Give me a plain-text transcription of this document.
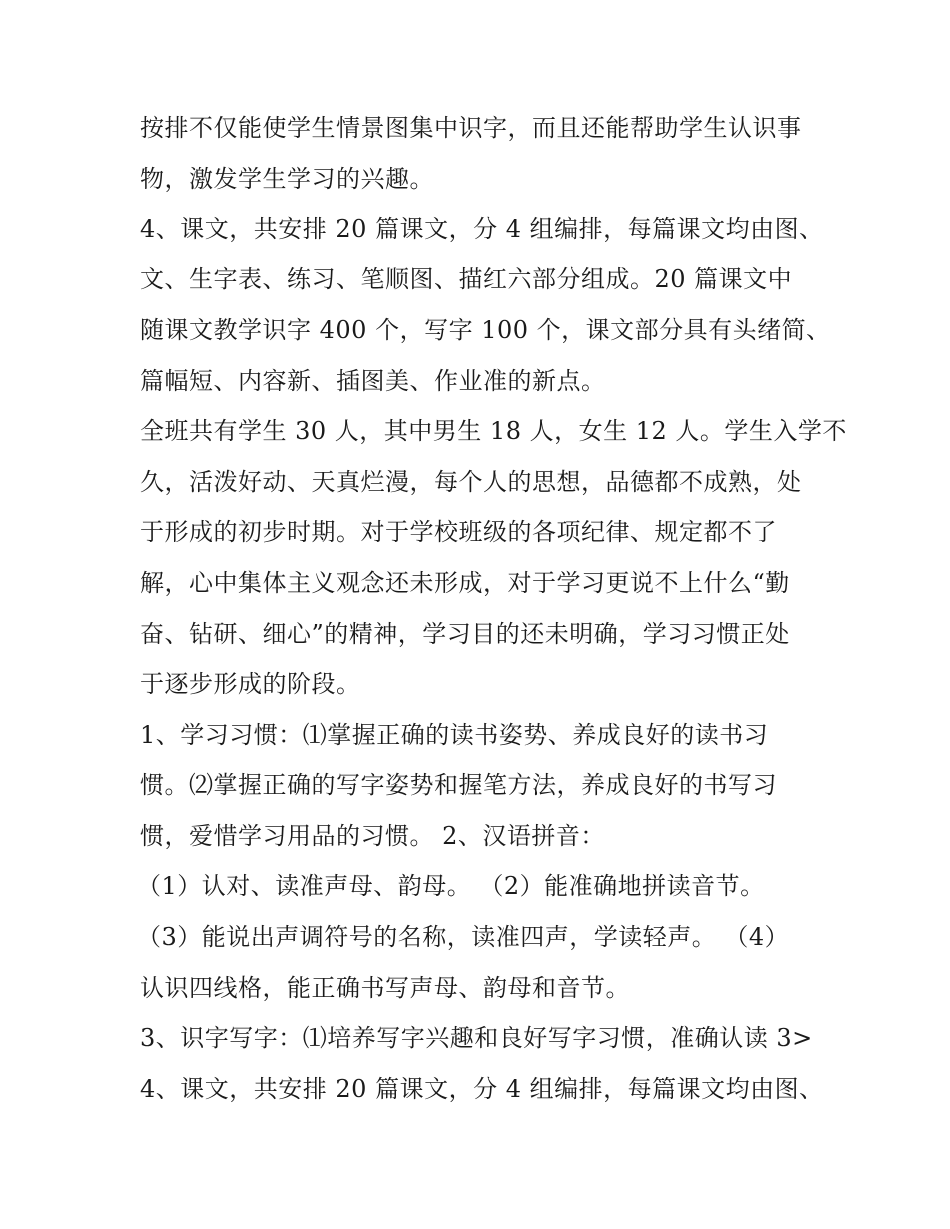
按排不仅能使学生情景图集中识字，而且还能帮助学生认识事
物，激发学生学习的兴趣。
4、课文，共安排 20 篇课文，分 4 组编排，每篇课文均由图、
文、生字表、练习、笔顺图、描红六部分组成。20 篇课文中
随课文教学识字 400 个，写字 100 个，课文部分具有头绪简、
篇幅短、内容新、插图美、作业准的新点。
全班共有学生 30 人，其中男生 18 人，女生 12 人。学生入学不
久，活泼好动、天真烂漫，每个人的思想，品德都不成熟，处
于形成的初步时期。对于学校班级的各项纪律、规定都不了
解，心中集体主义观念还未形成，对于学习更说不上什么“勤
奋、钻研、细心”的精神，学习目的还未明确，学习习惯正处
于逐步形成的阶段。
1、学习习惯：⑴掌握正确的读书姿势、养成良好的读书习
惯。⑵掌握正确的写字姿势和握笔方法，养成良好的书写习
惯，爱惜学习用品的习惯。 2、汉语拼音：
（1）认对、读准声母、韵母。 （2）能准确地拼读音节。
（3）能说出声调符号的名称，读准四声，学读轻声。 （4）
认识四线格，能正确书写声母、韵母和音节。
3、识字写字：⑴培养写字兴趣和良好写字习惯，准确认读 3>
4、课文，共安排 20 篇课文，分 4 组编排，每篇课文均由图、
